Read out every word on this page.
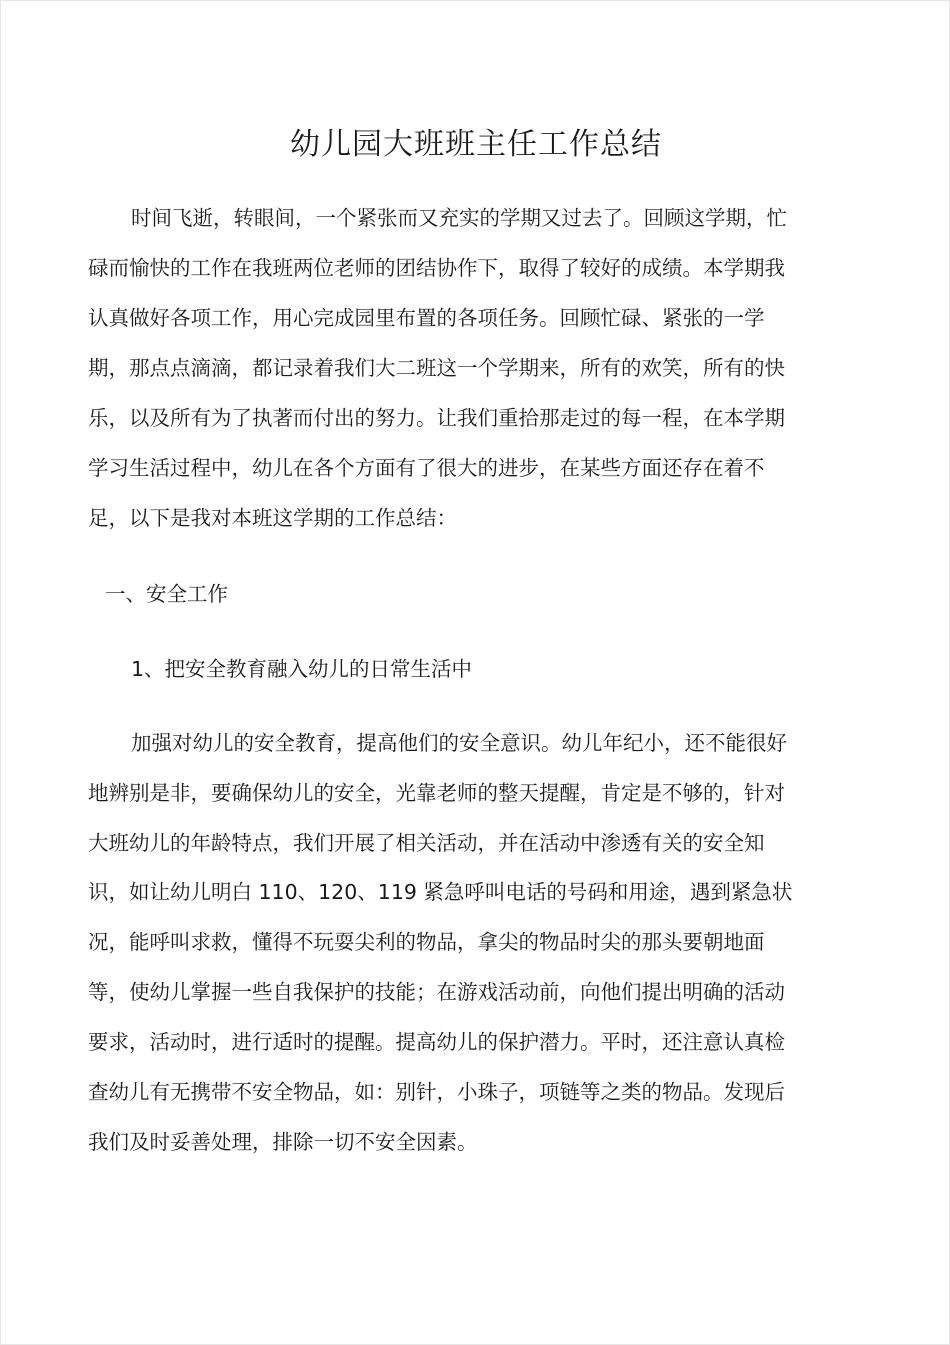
幼儿园大班班主任工作总结
时间飞逝，转眼间，一个紧张而又充实的学期又过去了。回顾这学期，忙
碌而愉快的工作在我班两位老师的团结协作下，取得了较好的成绩。本学期我
认真做好各项工作，用心完成园里布置的各项任务。回顾忙碌、紧张的一学
期，那点点滴滴，都记录着我们大二班这一个学期来，所有的欢笑，所有的快
乐，以及所有为了执著而付出的努力。让我们重拾那走过的每一程，在本学期
学习生活过程中，幼儿在各个方面有了很大的进步，在某些方面还存在着不
足，以下是我对本班这学期的工作总结：
一、安全工作
1、把安全教育融入幼儿的日常生活中
加强对幼儿的安全教育，提高他们的安全意识。幼儿年纪小，还不能很好
地辨别是非，要确保幼儿的安全，光靠老师的整天提醒，肯定是不够的，针对
大班幼儿的年龄特点，我们开展了相关活动，并在活动中渗透有关的安全知
识，如让幼儿明白 110、120、119 紧急呼叫电话的号码和用途，遇到紧急状
况，能呼叫求救，懂得不玩耍尖利的物品，拿尖的物品时尖的那头要朝地面
等，使幼儿掌握一些自我保护的技能；在游戏活动前，向他们提出明确的活动
要求，活动时，进行适时的提醒。提高幼儿的保护潜力。平时，还注意认真检
查幼儿有无携带不安全物品，如：别针，小珠子，项链等之类的物品。发现后
我们及时妥善处理，排除一切不安全因素。
